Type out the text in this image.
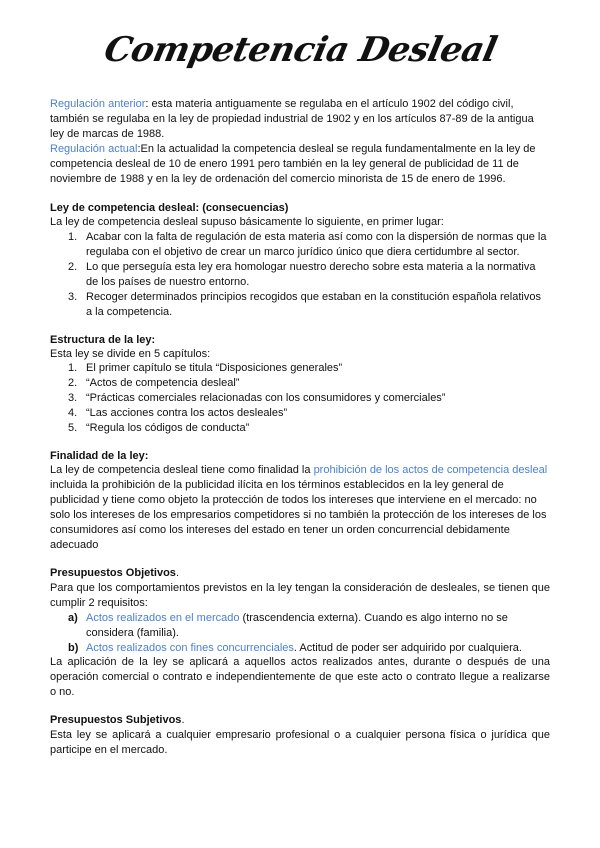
Competencia Desleal

Regulación anterior: esta materia antiguamente se regulaba en el artículo 1902 del código civil, también se regulaba en la ley de propiedad industrial de 1902 y en los artículos 87-89 de la antigua ley de marcas de 1988.

Regulación actual:En la actualidad la competencia desleal se regula fundamentalmente en la ley de competencia desleal de 10 de enero 1991 pero también en la ley general de publicidad de 11 de noviembre de 1988 y en la ley de ordenación del comercio minorista de 15 de enero de 1996.

Ley de competencia desleal: (consecuencias)

La ley de competencia desleal supuso básicamente lo siguiente, en primer lugar:

1. Acabar con la falta de regulación de esta materia así como con la dispersión de normas que la regulaba con el objetivo de crear un marco jurídico único que diera certidumbre al sector.
2. Lo que perseguía esta ley era homologar nuestro derecho sobre esta materia a la normativa de los países de nuestro entorno.
3. Recoger determinados principios recogidos que estaban en la constitución española relativos a la competencia.

Estructura de la ley:

Esta ley se divide en 5 capítulos:

1. El primer capítulo se titula “Disposiciones generales”
2. “Actos de competencia desleal”
3. “Prácticas comerciales relacionadas con los consumidores y comerciales”
4. “Las acciones contra los actos desleales”
5. “Regula los códigos de conducta”

Finalidad de la ley:

La ley de competencia desleal tiene como finalidad la prohibición de los actos de competencia desleal incluida la prohibición de la publicidad ilícita en los términos establecidos en la ley general de publicidad y tiene como objeto la protección de todos los intereses que interviene en el mercado: no solo los intereses de los empresarios competidores si no también la protección de los intereses de los consumidores así como los intereses del estado en tener un orden concurrencial debidamente adecuado

Presupuestos Objetivos.

Para que los comportamientos previstos en la ley tengan la consideración de desleales, se tienen que cumplir 2 requisitos:

a) Actos realizados en el mercado (trascendencia externa). Cuando es algo interno no se considera (familia).
b) Actos realizados con fines concurrenciales. Actitud de poder ser adquirido por cualquiera.

La aplicación de la ley se aplicará a aquellos actos realizados antes, durante o después de una operación comercial o contrato e independientemente de que este acto o contrato llegue a realizarse o no.

Presupuestos Subjetivos.

Esta ley se aplicará a cualquier empresario profesional o a cualquier persona física o jurídica que participe en el mercado.
